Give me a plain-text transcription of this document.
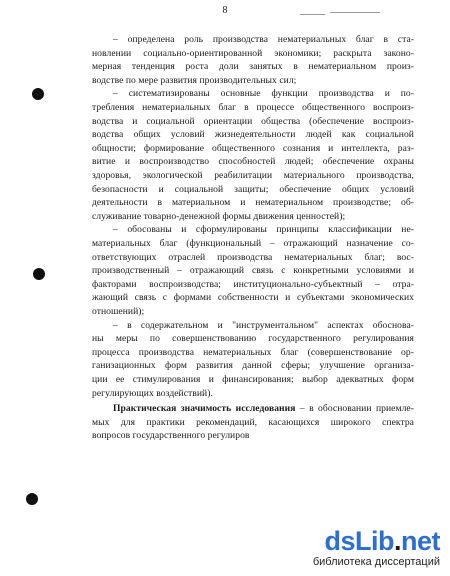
8
– определена роль производства нематериальных благ в ста-
новлении социально-ориентированной экономики; раскрыта законо-
мерная тенденция роста доли занятых в нематериальном произ-
водстве по мере развития производительных сил;
– систематизированы основные функции производства и по-
требления нематериальных благ в процессе общественного воспроиз-
водства и социальной ориентации общества (обеспечение воспроиз-
водства общих условий жизнедеятельности людей как социальной
общности; формирование общественного сознания и интеллекта, раз-
витие и воспроизводство способностей людей; обеспечение охраны
здоровья, экологической реабилитации материального производства,
безопасности и социальной защиты; обеспечение общих условий
деятельности в материальном и нематериальном производстве; об-
служивание товарно-денежной формы движения ценностей);
– обосованы и сформулированы принципы классификации не-
материальных благ (функциональный – отражающий назначение со-
ответствующих отраслей производства нематериальных благ; вос-
производственный – отражающий связь с конкретными условиями и
факторами воспроизводства; институционально-субъектный – отра-
жающий связь с формами собственности и субъектами экономических
отношений);
– в содержательном и "инструментальном" аспектах обоснова-
ны меры по совершенствованию государственного регулирования
процесса производства нематериальных благ (совершенствование ор-
ганизационных форм развития данной сферы; улучшение организа-
ции ее стимулирования и финансирования; выбор адекватных форм
регулирующих воздействий).
Практическая значимость исследования – в обосновании приемле-
мых для практики рекомендаций, касающихся широкого спектра
вопросов государственного регулиров
dsLib.net
библиотека диссертаций
